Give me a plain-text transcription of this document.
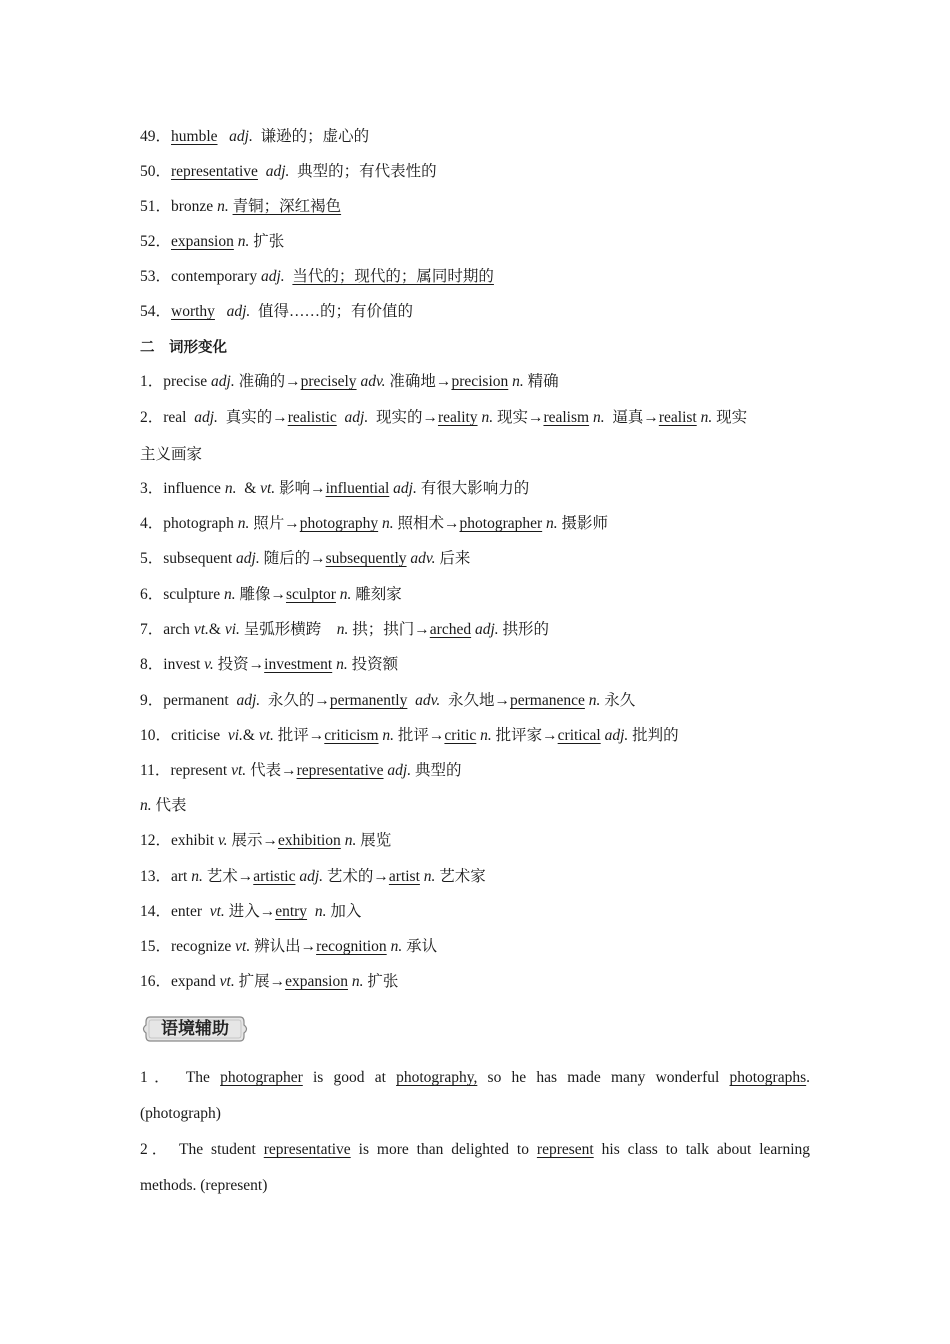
49．humble adj. 谦逊的；虚心的
50．representative adj. 典型的；有代表性的
51．bronze n. 青铜；深红褐色
52．expansion n. 扩张
53．contemporary adj. 当代的；现代的；属同时期的
54．worthy adj. 值得……的；有价值的
二　词形变化
1．precise adj. 准确的→precisely adv. 准确地→precision n. 精确
2．real adj. 真实的→realistic adj. 现实的→reality n. 现实→realism n. 逼真→realist n. 现实
主义画家
3．influence n. & vt. 影响→influential adj. 有很大影响力的
4．photograph n. 照片→photography n. 照相术→photographer n. 摄影师
5．subsequent adj. 随后的→subsequently adv. 后来
6．sculpture n. 雕像→sculptor n. 雕刻家
7．arch vt.& vi. 呈弧形横跨 n. 拱；拱门→arched adj. 拱形的
8．invest v. 投资→investment n. 投资额
9．permanent adj. 永久的→permanently adv. 永久地→permanence n. 永久
10．criticise vi.& vt. 批评→criticism n. 批评→critic n. 批评家→critical adj. 批判的
11．represent vt. 代表→representative adj. 典型的
n. 代表
12．exhibit v. 展示→exhibition n. 展览
13．art n. 艺术→artistic adj. 艺术的→artist n. 艺术家
14．enter vt. 进入→entry n. 加入
15．recognize vt. 辨认出→recognition n. 承认
16．expand vt. 扩展→expansion n. 扩张
语境辅助
1． The photographer is good at photography, so he has made many wonderful photographs.
(photograph)
2． The student representative is more than delighted to represent his class to talk about learning
methods. (represent)
